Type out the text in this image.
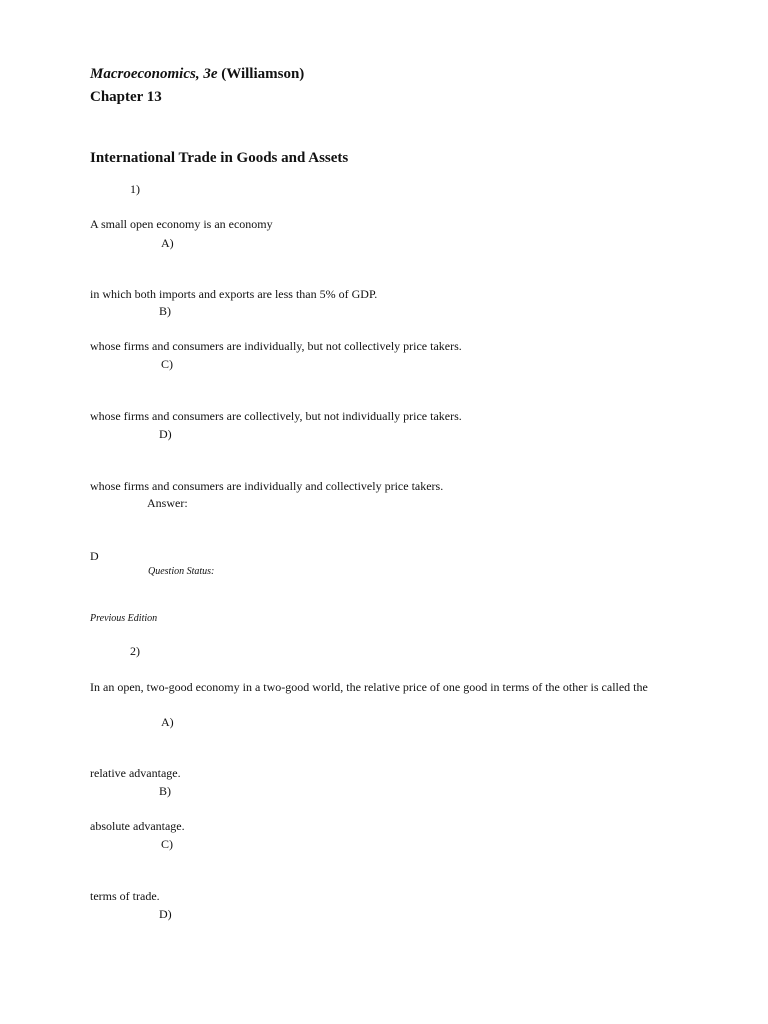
Macroeconomics, 3e (Williamson)
Chapter 13
International Trade in Goods and Assets
1)
A small open economy is an economy
A)
in which both imports and exports are less than 5% of GDP.
B)
whose firms and consumers are individually, but not collectively price takers.
C)
whose firms and consumers are collectively, but not individually price takers.
D)
whose firms and consumers are individually and collectively price takers.
Answer:
D
Question Status:
Previous Edition
2)
In an open, two-good economy in a two-good world, the relative price of one good in terms of the other is called the
A)
relative advantage.
B)
absolute advantage.
C)
terms of trade.
D)
